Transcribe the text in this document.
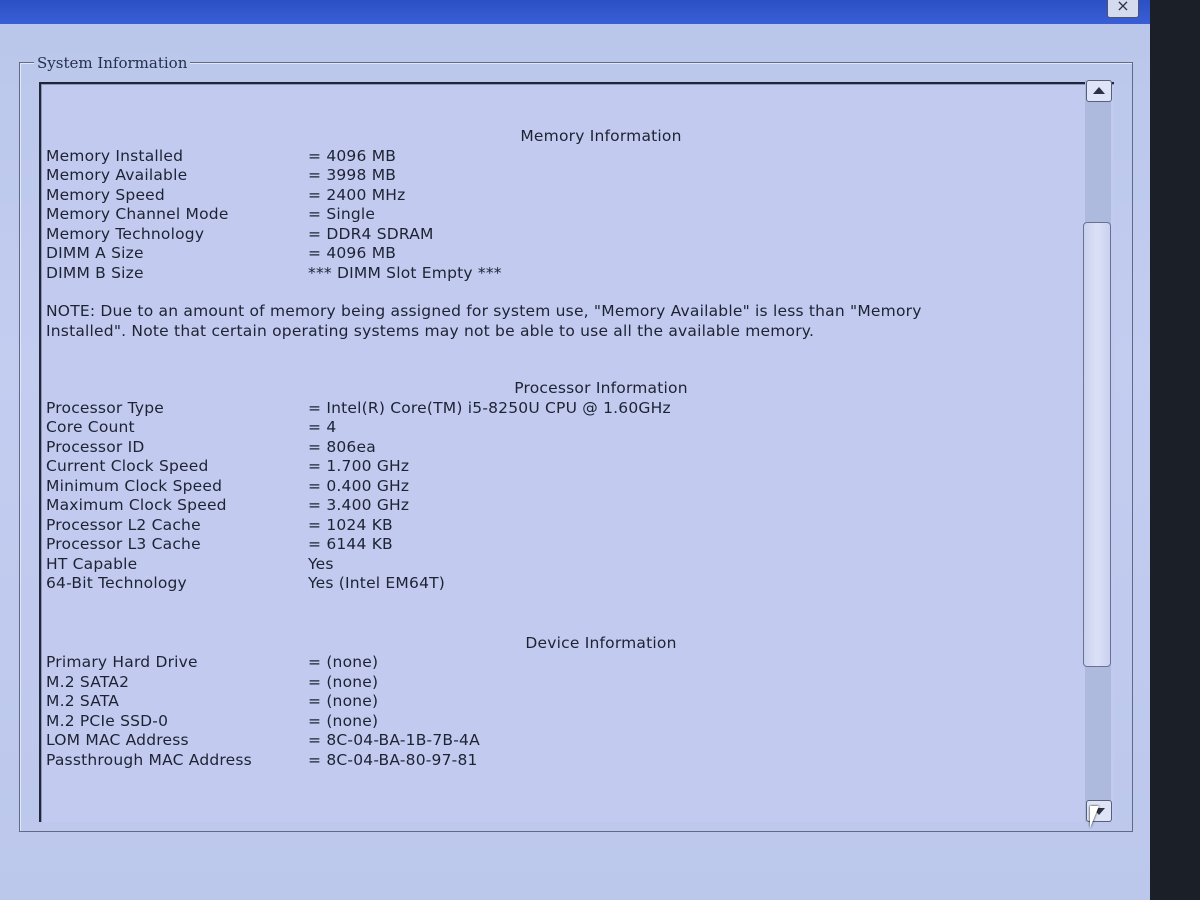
×
System Information
Memory Information
Memory Installed	= 4096 MB
Memory Available	= 3998 MB
Memory Speed	= 2400 MHz
Memory Channel Mode	= Single
Memory Technology	= DDR4 SDRAM
DIMM A Size	= 4096 MB
DIMM B Size	*** DIMM Slot Empty ***
NOTE: Due to an amount of memory being assigned for system use, "Memory Available" is less than "Memory Installed". Note that certain operating systems may not be able to use all the available memory.
Processor Information
Processor Type	= Intel(R) Core(TM) i5-8250U CPU @ 1.60GHz
Core Count	= 4
Processor ID	= 806ea
Current Clock Speed	= 1.700 GHz
Minimum Clock Speed	= 0.400 GHz
Maximum Clock Speed	= 3.400 GHz
Processor L2 Cache	= 1024 KB
Processor L3 Cache	= 6144 KB
HT Capable	Yes
64-Bit Technology	Yes (Intel EM64T)
Device Information
Primary Hard Drive	= (none)
M.2 SATA2	= (none)
M.2 SATA	= (none)
M.2 PCIe SSD-0	= (none)
LOM MAC Address	= 8C-04-BA-1B-7B-4A
Passthrough MAC Address	= 8C-04-BA-80-97-81
